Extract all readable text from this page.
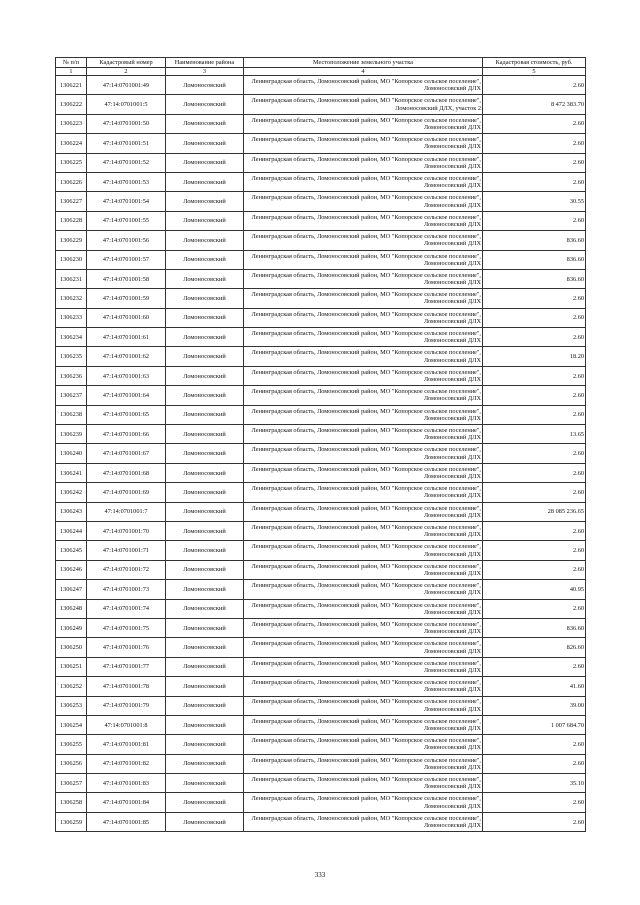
№ п/п	Кадастровый номер	Наименование района	Местоположение земельного участка	Кадастровая стоимость, руб.
1	2	3	4	5
1306221	47:14:0701001:49	Ломоносовский	Ленинградская область, Ломоносовский район, МО "Копорское сельское поселение", Ломоносовский ДЛХ	2.60
1306222	47:14:0701001:5	Ломоносовский	Ленинградская область, Ломоносовский район, МО "Копорское сельское поселение", Ломоносовский ДЛХ, участок 2	8 472 383.70
1306223	47:14:0701001:50	Ломоносовский	Ленинградская область, Ломоносовский район, МО "Копорское сельское поселение", Ломоносовский ДЛХ	2.60
1306224	47:14:0701001:51	Ломоносовский	Ленинградская область, Ломоносовский район, МО "Копорское сельское поселение", Ломоносовский ДЛХ	2.60
1306225	47:14:0701001:52	Ломоносовский	Ленинградская область, Ломоносовский район, МО "Копорское сельское поселение", Ломоносовский ДЛХ	2.60
1306226	47:14:0701001:53	Ломоносовский	Ленинградская область, Ломоносовский район, МО "Копорское сельское поселение", Ломоносовский ДЛХ	2.60
1306227	47:14:0701001:54	Ломоносовский	Ленинградская область, Ломоносовский район, МО "Копорское сельское поселение", Ломоносовский ДЛХ	30.55
1306228	47:14:0701001:55	Ломоносовский	Ленинградская область, Ломоносовский район, МО "Копорское сельское поселение", Ломоносовский ДЛХ	2.60
1306229	47:14:0701001:56	Ломоносовский	Ленинградская область, Ломоносовский район, МО "Копорское сельское поселение", Ломоносовский ДЛХ	836.60
1306230	47:14:0701001:57	Ломоносовский	Ленинградская область, Ломоносовский район, МО "Копорское сельское поселение", Ломоносовский ДЛХ	836.60
1306231	47:14:0701001:58	Ломоносовский	Ленинградская область, Ломоносовский район, МО "Копорское сельское поселение", Ломоносовский ДЛХ	836.60
1306232	47:14:0701001:59	Ломоносовский	Ленинградская область, Ломоносовский район, МО "Копорское сельское поселение", Ломоносовский ДЛХ	2.60
1306233	47:14:0701001:60	Ломоносовский	Ленинградская область, Ломоносовский район, МО "Копорское сельское поселение", Ломоносовский ДЛХ	2.60
1306234	47:14:0701001:61	Ломоносовский	Ленинградская область, Ломоносовский район, МО "Копорское сельское поселение", Ломоносовский ДЛХ	2.60
1306235	47:14:0701001:62	Ломоносовский	Ленинградская область, Ломоносовский район, МО "Копорское сельское поселение", Ломоносовский ДЛХ	18.20
1306236	47:14:0701001:63	Ломоносовский	Ленинградская область, Ломоносовский район, МО "Копорское сельское поселение", Ломоносовский ДЛХ	2.60
1306237	47:14:0701001:64	Ломоносовский	Ленинградская область, Ломоносовский район, МО "Копорское сельское поселение", Ломоносовский ДЛХ	2.60
1306238	47:14:0701001:65	Ломоносовский	Ленинградская область, Ломоносовский район, МО "Копорское сельское поселение", Ломоносовский ДЛХ	2.60
1306239	47:14:0701001:66	Ломоносовский	Ленинградская область, Ломоносовский район, МО "Копорское сельское поселение", Ломоносовский ДЛХ	13.65
1306240	47:14:0701001:67	Ломоносовский	Ленинградская область, Ломоносовский район, МО "Копорское сельское поселение", Ломоносовский ДЛХ	2.60
1306241	47:14:0701001:68	Ломоносовский	Ленинградская область, Ломоносовский район, МО "Копорское сельское поселение", Ломоносовский ДЛХ	2.60
1306242	47:14:0701001:69	Ломоносовский	Ленинградская область, Ломоносовский район, МО "Копорское сельское поселение", Ломоносовский ДЛХ	2.60
1306243	47:14:0701001:7	Ломоносовский	Ленинградская область, Ломоносовский район, МО "Копорское сельское поселение", Ломоносовский ДЛХ	28 085 236.65
1306244	47:14:0701001:70	Ломоносовский	Ленинградская область, Ломоносовский район, МО "Копорское сельское поселение", Ломоносовский ДЛХ	2.60
1306245	47:14:0701001:71	Ломоносовский	Ленинградская область, Ломоносовский район, МО "Копорское сельское поселение", Ломоносовский ДЛХ	2.60
1306246	47:14:0701001:72	Ломоносовский	Ленинградская область, Ломоносовский район, МО "Копорское сельское поселение", Ломоносовский ДЛХ	2.60
1306247	47:14:0701001:73	Ломоносовский	Ленинградская область, Ломоносовский район, МО "Копорское сельское поселение", Ломоносовский ДЛХ	40.95
1306248	47:14:0701001:74	Ломоносовский	Ленинградская область, Ломоносовский район, МО "Копорское сельское поселение", Ломоносовский ДЛХ	2.60
1306249	47:14:0701001:75	Ломоносовский	Ленинградская область, Ломоносовский район, МО "Копорское сельское поселение", Ломоносовский ДЛХ	836.60
1306250	47:14:0701001:76	Ломоносовский	Ленинградская область, Ломоносовский район, МО "Копорское сельское поселение", Ломоносовский ДЛХ	826.60
1306251	47:14:0701001:77	Ломоносовский	Ленинградская область, Ломоносовский район, МО "Копорское сельское поселение", Ломоносовский ДЛХ	2.60
1306252	47:14:0701001:78	Ломоносовский	Ленинградская область, Ломоносовский район, МО "Копорское сельское поселение", Ломоносовский ДЛХ	41.60
1306253	47:14:0701001:79	Ломоносовский	Ленинградская область, Ломоносовский район, МО "Копорское сельское поселение", Ломоносовский ДЛХ	39.00
1306254	47:14:0701001:8	Ломоносовский	Ленинградская область, Ломоносовский район, МО "Копорское сельское поселение", Ломоносовский ДЛХ	1 007 684.70
1306255	47:14:0701001:81	Ломоносовский	Ленинградская область, Ломоносовский район, МО "Копорское сельское поселение", Ломоносовский ДЛХ	2.60
1306256	47:14:0701001:82	Ломоносовский	Ленинградская область, Ломоносовский район, МО "Копорское сельское поселение", Ломоносовский ДЛХ	2.60
1306257	47:14:0701001:83	Ломоносовский	Ленинградская область, Ломоносовский район, МО "Копорское сельское поселение", Ломоносовский ДЛХ	35.10
1306258	47:14:0701001:84	Ломоносовский	Ленинградская область, Ломоносовский район, МО "Копорское сельское поселение", Ломоносовский ДЛХ	2.60
1306259	47:14:0701001:85	Ломоносовский	Ленинградская область, Ломоносовский район, МО "Копорское сельское поселение", Ломоносовский ДЛХ	2.60
333
